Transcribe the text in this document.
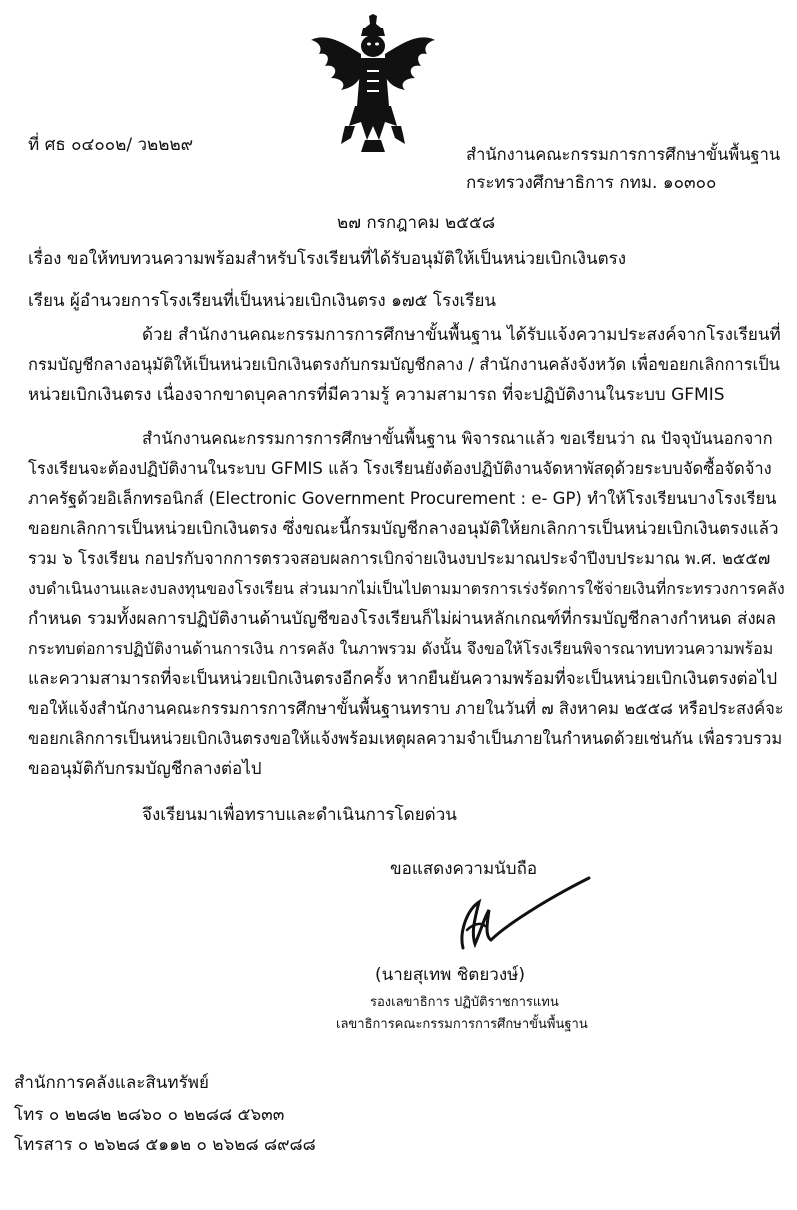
ที่ ศธ ๐๔๐๐๒/ ว๒๒๒๙	สำนักงานคณะกรรมการการศึกษาขั้นพื้นฐาน
กระทรวงศึกษาธิการ กทม. ๑๐๓๐๐
๒๗ กรกฎาคม ๒๕๕๘
เรื่อง ขอให้ทบทวนความพร้อมสำหรับโรงเรียนที่ได้รับอนุมัติให้เป็นหน่วยเบิกเงินตรง
เรียน ผู้อำนวยการโรงเรียนที่เป็นหน่วยเบิกเงินตรง ๑๗๕ โรงเรียน
ด้วย สำนักงานคณะกรรมการการศึกษาขั้นพื้นฐาน ได้รับแจ้งความประสงค์จากโรงเรียนที่
กรมบัญชีกลางอนุมัติให้เป็นหน่วยเบิกเงินตรงกับกรมบัญชีกลาง / สำนักงานคลังจังหวัด เพื่อขอยกเลิกการเป็น
หน่วยเบิกเงินตรง เนื่องจากขาดบุคลากรที่มีความรู้ ความสามารถ ที่จะปฏิบัติงานในระบบ GFMIS
สำนักงานคณะกรรมการการศึกษาขั้นพื้นฐาน พิจารณาแล้ว ขอเรียนว่า ณ ปัจจุบันนอกจาก
โรงเรียนจะต้องปฏิบัติงานในระบบ GFMIS แล้ว โรงเรียนยังต้องปฏิบัติงานจัดหาพัสดุด้วยระบบจัดซื้อจัดจ้าง
ภาครัฐด้วยอิเล็กทรอนิกส์ (Electronic Government Procurement : e- GP) ทำให้โรงเรียนบางโรงเรียน
ขอยกเลิกการเป็นหน่วยเบิกเงินตรง ซึ่งขณะนี้กรมบัญชีกลางอนุมัติให้ยกเลิกการเป็นหน่วยเบิกเงินตรงแล้ว
รวม ๖ โรงเรียน กอปรกับจากการตรวจสอบผลการเบิกจ่ายเงินงบประมาณประจำปีงบประมาณ พ.ศ. ๒๕๕๗
งบดำเนินงานและงบลงทุนของโรงเรียน ส่วนมากไม่เป็นไปตามมาตรการเร่งรัดการใช้จ่ายเงินที่กระทรวงการคลัง
กำหนด รวมทั้งผลการปฏิบัติงานด้านบัญชีของโรงเรียนก็ไม่ผ่านหลักเกณฑ์ที่กรมบัญชีกลางกำหนด ส่งผล
กระทบต่อการปฏิบัติงานด้านการเงิน การคลัง ในภาพรวม ดังนั้น จึงขอให้โรงเรียนพิจารณาทบทวนความพร้อม
และความสามารถที่จะเป็นหน่วยเบิกเงินตรงอีกครั้ง หากยืนยันความพร้อมที่จะเป็นหน่วยเบิกเงินตรงต่อไป
ขอให้แจ้งสำนักงานคณะกรรมการการศึกษาขั้นพื้นฐานทราบ ภายในวันที่ ๗ สิงหาคม ๒๕๕๘ หรือประสงค์จะ
ขอยกเลิกการเป็นหน่วยเบิกเงินตรงขอให้แจ้งพร้อมเหตุผลความจำเป็นภายในกำหนดด้วยเช่นกัน เพื่อรวบรวม
ขออนุมัติกับกรมบัญชีกลางต่อไป
จึงเรียนมาเพื่อทราบและดำเนินการโดยด่วน
ขอแสดงความนับถือ
(นายสุเทพ ชิตยวงษ์)
รองเลขาธิการ ปฏิบัติราชการแทน
เลขาธิการคณะกรรมการการศึกษาขั้นพื้นฐาน
สำนักการคลังและสินทรัพย์
โทร ๐ ๒๒๘๒ ๒๘๖๐ ๐ ๒๒๘๘ ๕๖๓๓
โทรสาร ๐ ๒๖๒๘ ๕๑๑๒ ๐ ๒๖๒๘ ๘๙๘๘
